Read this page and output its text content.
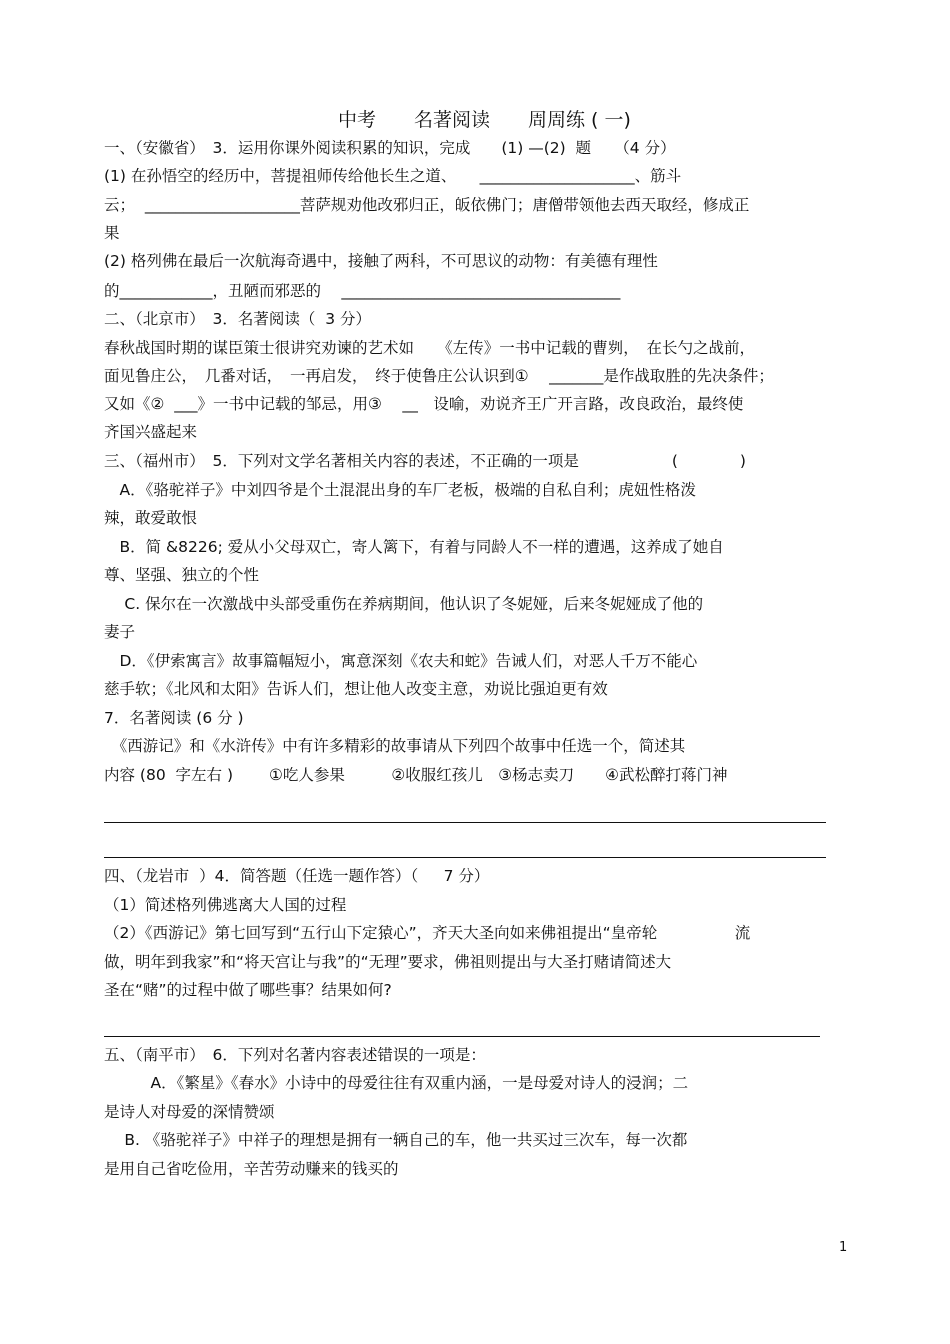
中考　　名著阅读　　周周练 ( 一)
一、（安徽省）　3．运用你课外阅读积累的知识，完成　　(1) —(2)  题　　（4 分）
(1) 在孙悟空的经历中，菩提祖师传给他长生之道、　　____________________、筋斗
云；  ____________________菩萨规劝他改邪归正，皈依佛门；唐僧带领他去西天取经，修成正
果
(2) 格列佛在最后一次航海奇遇中，接触了两科，不可思议的动物：有美德有理性
的____________，丑陋而邪恶的　 ____________________________________
二、（北京市）　3．名著阅读（  3 分）
春秋战国时期的谋臣策士很讲究劝谏的艺术如　　《左传》一书中记载的曹刿，　在长勺之战前，
面见鲁庄公，　几番对话，　一再启发，　终于使鲁庄公认识到①　 _______是作战取胜的先决条件；
又如《②  ___》一书中记载的邹忌，用③　 __　设喻，劝说齐王广开言路，改良政治，最终使
齐国兴盛起来
三、（福州市）　5．下列对文学名著相关内容的表述，不正确的一项是　　　　　　(　　　　)
　A．《骆驼祥子》中刘四爷是个土混混出身的车厂老板，极端的自私自利；虎妞性格泼
辣，敢爱敢恨
　B．简 &8226; 爱从小父母双亡，寄人篱下，有着与同龄人不一样的遭遇，这养成了她自
尊、坚强、独立的个性
　 C. 保尔在一次激战中头部受重伤在养病期间，他认识了冬妮娅，后来冬妮娅成了他的
妻子
　D．《伊索寓言》故事篇幅短小，寓意深刻《农夫和蛇》告诫人们，对恶人千万不能心
慈手软；《北风和太阳》告诉人们，想让他人改变主意，劝说比强迫更有效
7．名著阅读 (6 分 )
　《西游记》和《水浒传》中有许多精彩的故事请从下列四个故事中任选一个，简述其
内容 (80  字左右 )　　 ①吃人参果　　　②收服红孩儿　③杨志卖刀　　④武松醉打蒋门神
四、（龙岩市  ）4．简答题（任选一题作答）（　  7 分）
（1）简述格列佛逃离大人国的过程
（2）《西游记》第七回写到“五行山下定猿心”，齐天大圣向如来佛祖提出“皇帝轮　　　　　流
做，明年到我家”和“将天宫让与我”的“无理”要求，佛祖则提出与大圣打赌请简述大
圣在“赌”的过程中做了哪些事？结果如何?
五、（南平市）　6．下列对名著内容表述错误的一项是：
　　　A．《繁星》《春水》小诗中的母爱往往有双重内涵，一是母爱对诗人的浸润；二
是诗人对母爱的深情赞颂
　 B. 《骆驼祥子》中祥子的理想是拥有一辆自己的车，他一共买过三次车，每一次都
是用自己省吃俭用，辛苦劳动赚来的钱买的
1
